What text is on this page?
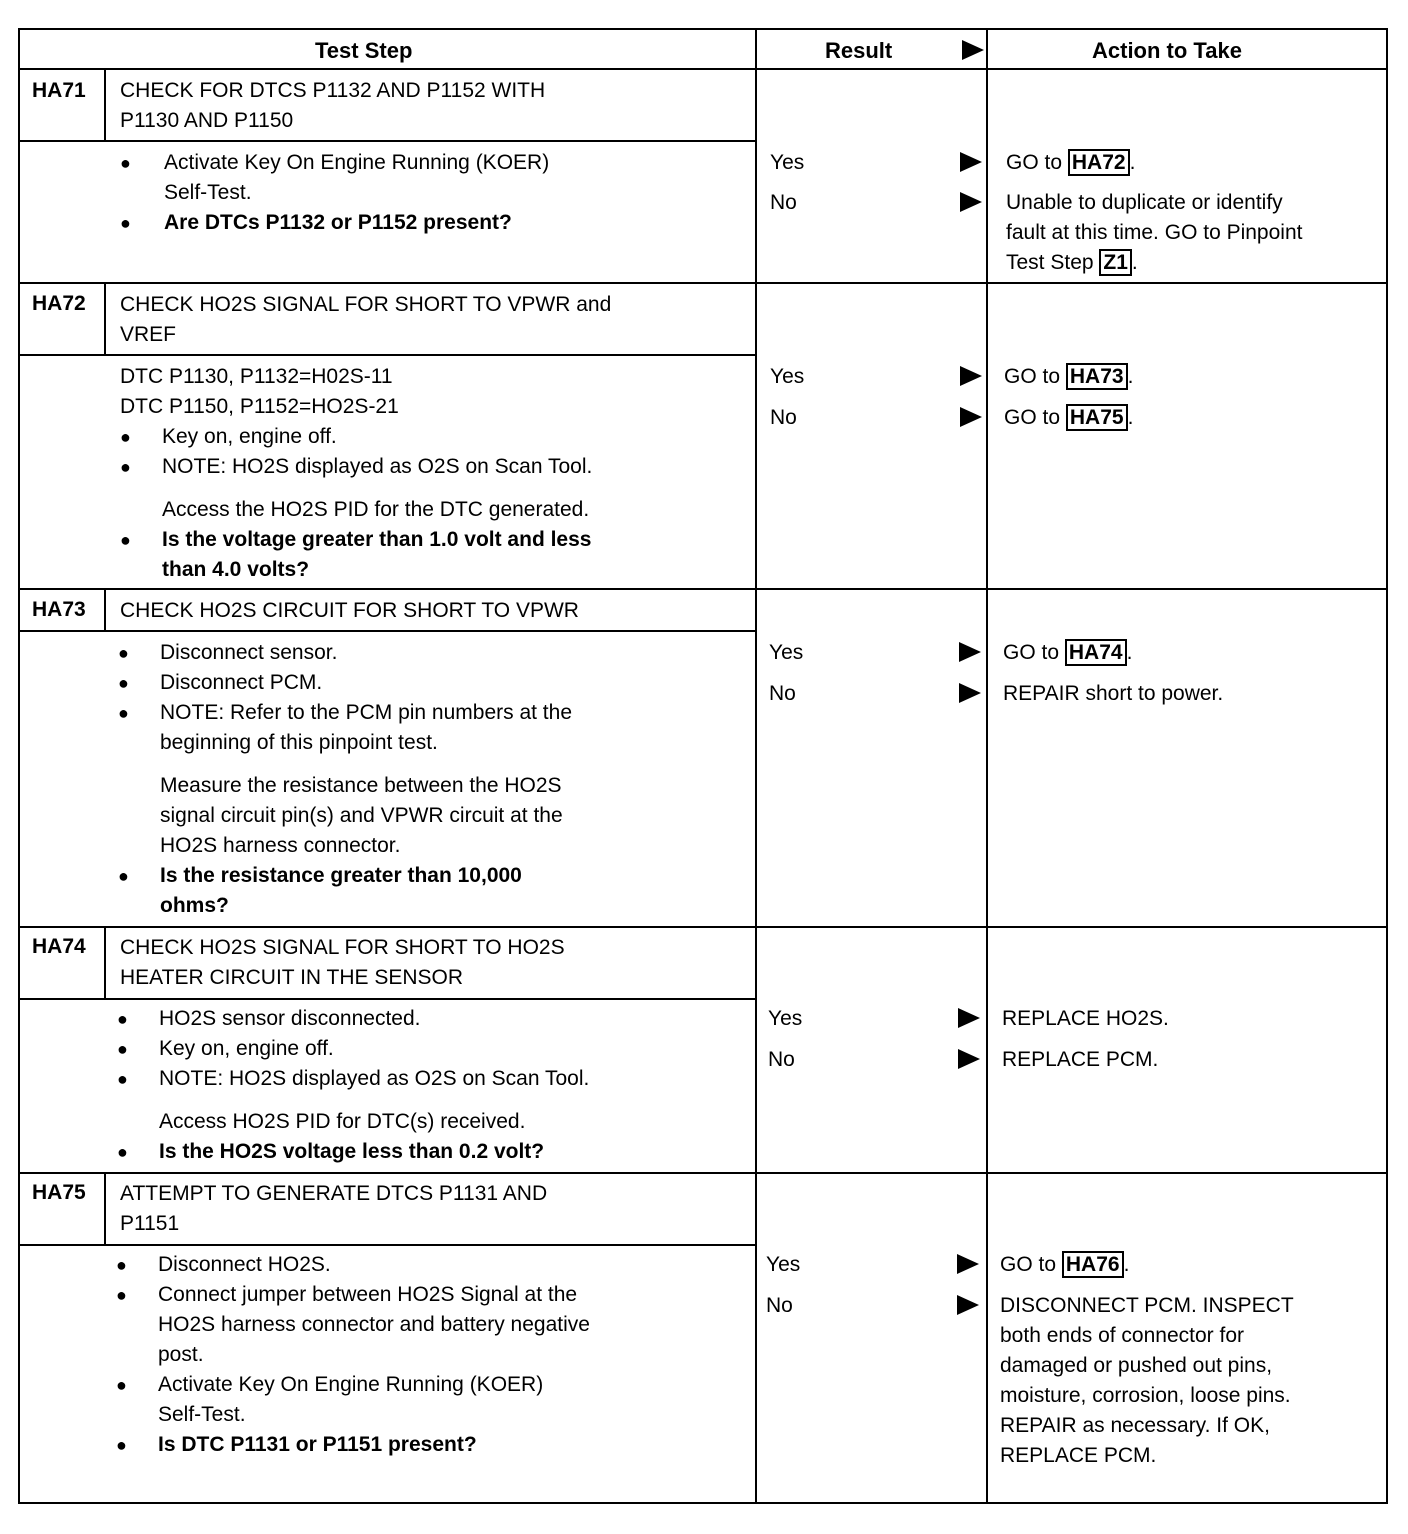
Test Step	Result	Action to Take
HA71 CHECK FOR DTCS P1132 AND P1152 WITH
P1130 AND P1150
● Activate Key On Engine Running (KOER)
Self-Test.
● Are DTCs P1132 or P1152 present?
Yes
No
GO to HA72 .
Unable to duplicate or identify
fault at this time. GO to Pinpoint
Test Step Z1 .
HA72 CHECK HO2S SIGNAL FOR SHORT TO VPWR and
VREF
DTC P1130, P1132=H02S-11
DTC P1150, P1152=HO2S-21
● Key on, engine off.
● NOTE: HO2S displayed as O2S on Scan Tool.
Access the HO2S PID for the DTC generated.
● Is the voltage greater than 1.0 volt and less
than 4.0 volts?
Yes
No
GO to HA73 .
GO to HA75 .
HA73 CHECK HO2S CIRCUIT FOR SHORT TO VPWR
● Disconnect sensor.
● Disconnect PCM.
● NOTE: Refer to the PCM pin numbers at the
beginning of this pinpoint test.
Measure the resistance between the HO2S
signal circuit pin(s) and VPWR circuit at the
HO2S harness connector.
● Is the resistance greater than 10,000
ohms?
Yes
No
GO to HA74 .
REPAIR short to power.
HA74 CHECK HO2S SIGNAL FOR SHORT TO HO2S
HEATER CIRCUIT IN THE SENSOR
● HO2S sensor disconnected.
● Key on, engine off.
● NOTE: HO2S displayed as O2S on Scan Tool.
Access HO2S PID for DTC(s) received.
● Is the HO2S voltage less than 0.2 volt?
Yes
No
REPLACE HO2S.
REPLACE PCM.
HA75 ATTEMPT TO GENERATE DTCS P1131 AND
P1151
● Disconnect HO2S.
● Connect jumper between HO2S Signal at the
HO2S harness connector and battery negative
post.
● Activate Key On Engine Running (KOER)
Self-Test.
● Is DTC P1131 or P1151 present?
Yes
No
GO to HA76 .
DISCONNECT PCM. INSPECT
both ends of connector for
damaged or pushed out pins,
moisture, corrosion, loose pins.
REPAIR as necessary. If OK,
REPLACE PCM.
